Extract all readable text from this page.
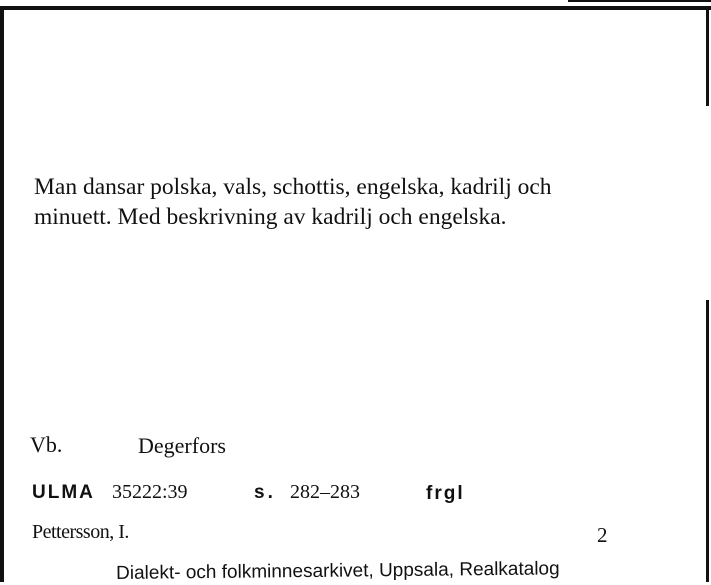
Man dansar polska, vals, schottis, engelska, kadrilj och
minuett. Med beskrivning av kadrilj och engelska.
Vb.	Degerfors
ULMA 35222:39	s. 282–283	frgl
Pettersson, I.	2
Dialekt- och folkminnesarkivet, Uppsala, Realkatalog
